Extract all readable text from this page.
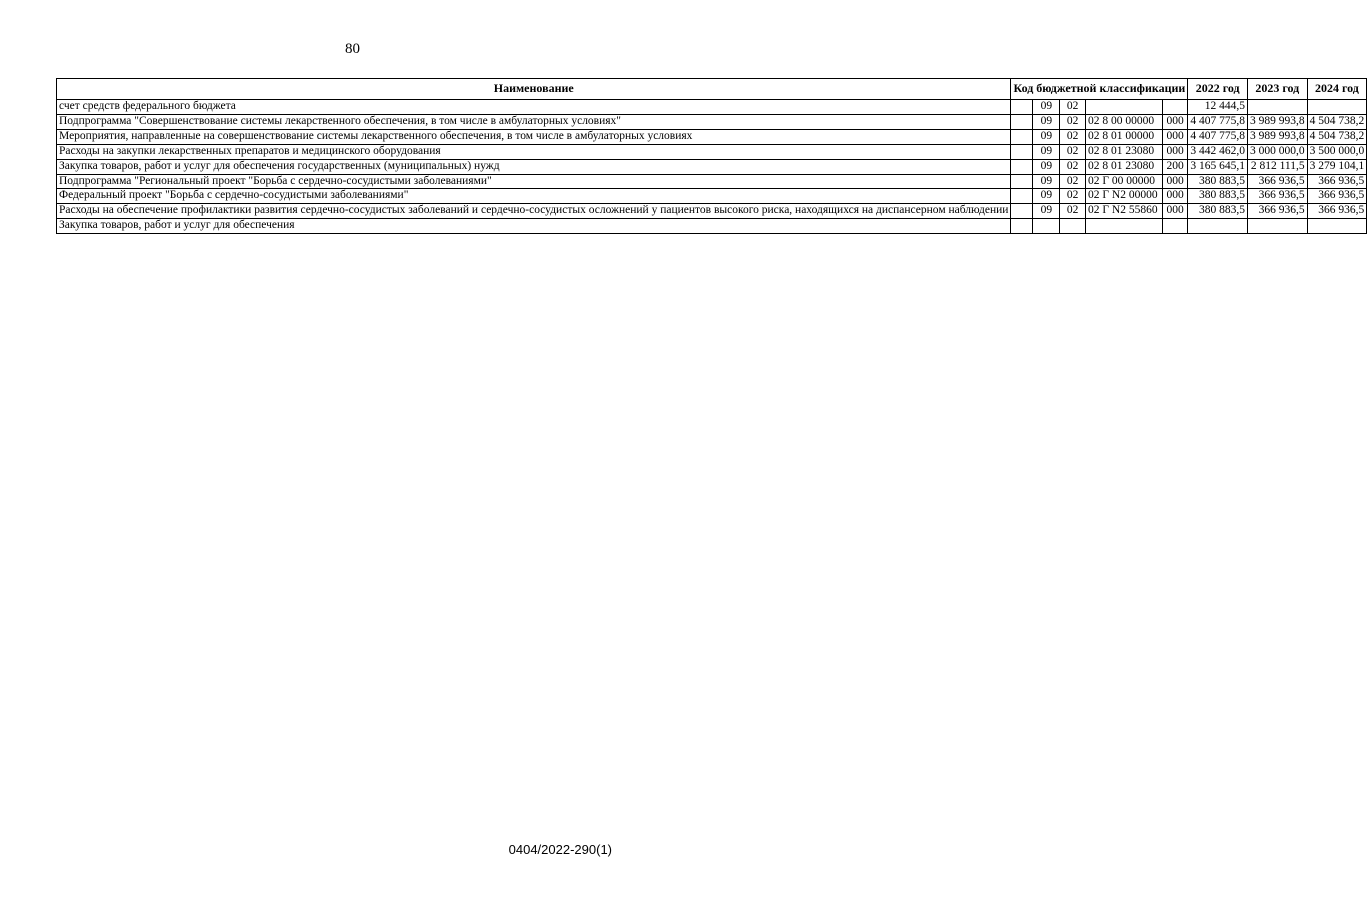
80
Наименование	Код бюджетной классификации					2022 год	2023 год	2024 год
счет средств федерального бюджета		09	02			12 444,5		
Подпрограмма "Совершенствование системы лекарственного обеспечения, в том числе в амбулаторных условиях"		09	02	02 8 00 00000	000	4 407 775,8	3 989 993,8	4 504 738,2
Мероприятия, направленные на совершенствование системы лекарственного обеспечения, в том числе в амбулаторных условиях		09	02	02 8 01 00000	000	4 407 775,8	3 989 993,8	4 504 738,2
Расходы на закупки лекарственных препаратов и медицинского оборудования		09	02	02 8 01 23080	000	3 442 462,0	3 000 000,0	3 500 000,0
Закупка товаров, работ и услуг для обеспечения государственных (муниципальных) нужд		09	02	02 8 01 23080	200	3 165 645,1	2 812 111,5	3 279 104,1
Подпрограмма "Региональный проект "Борьба с сердечно-сосудистыми заболеваниями"		09	02	02 Г 00 00000	000	380 883,5	366 936,5	366 936,5
Федеральный проект "Борьба с сердечно-сосудистыми заболеваниями"		09	02	02 Г N2 00000	000	380 883,5	366 936,5	366 936,5
Расходы на обеспечение профилактики развития сердечно-сосудистых заболеваний и сердечно-сосудистых осложнений у пациентов высокого риска, находящихся на диспансерном наблюдении		09	02	02 Г N2 55860	000	380 883,5	366 936,5	366 936,5
Закупка товаров, работ и услуг для обеспечения								
0404/2022-290(1)
